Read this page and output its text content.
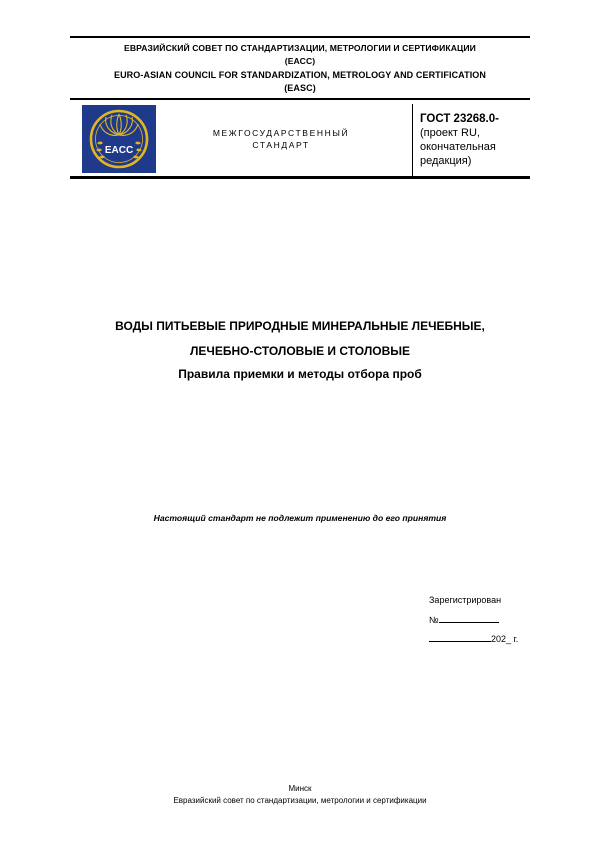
ЕВРАЗИЙСКИЙ СОВЕТ ПО СТАНДАРТИЗАЦИИ, МЕТРОЛОГИИ И СЕРТИФИКАЦИИ
(ЕАСС)
EURO-ASIAN COUNCIL FOR STANDARDIZATION, METROLOGY AND CERTIFICATION
(EASC)
EACC
МЕЖГОСУДАРСТВЕННЫЙ
СТАНДАРТ
ГОСТ 23268.0-
(проект RU, окончательная редакция)
ВОДЫ ПИТЬЕВЫЕ ПРИРОДНЫЕ МИНЕРАЛЬНЫЕ ЛЕЧЕБНЫЕ,
ЛЕЧЕБНО-СТОЛОВЫЕ И СТОЛОВЫЕ
Правила приемки и методы отбора проб
Настоящий стандарт не подлежит применению до его принятия
Зарегистрирован
№
202_ г.
Минск
Евразийский совет по стандартизации, метрологии и сертификации
